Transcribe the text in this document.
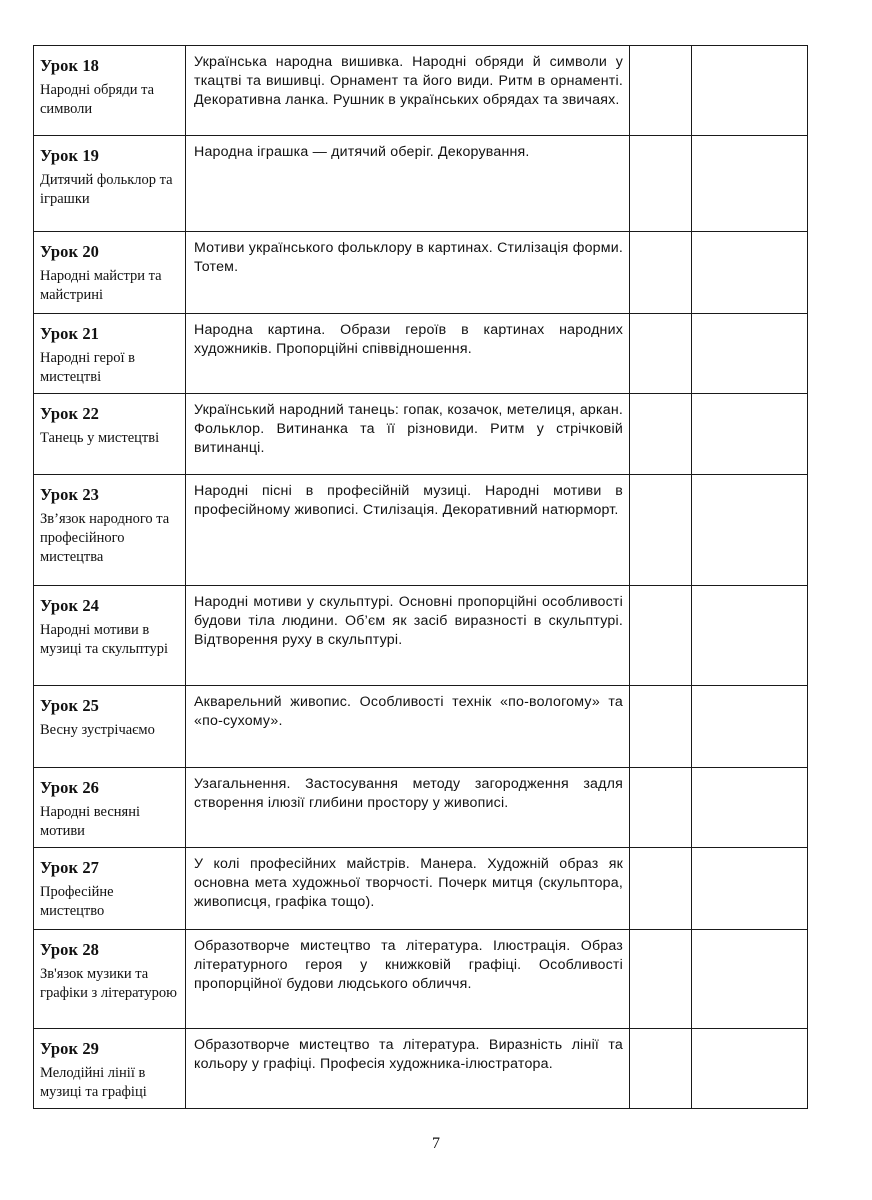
Урок 18
Народні обряди та символи	Українська народна вишивка. Народні обряди й символи у ткацтві та вишивці. Орнамент та його види. Ритм в орнаменті. Декоративна ланка. Рушник в українських обрядах та звичаях.		

Урок 19
Дитячий фольклор та іграшки	Народна іграшка — дитячий оберіг. Декорування.		

Урок 20
Народні майстри та майстрині	Мотиви українського фольклору в картинах. Стилізація форми. Тотем.		

Урок 21
Народні герої в мистецтві	Народна картина. Образи героїв в картинах народних художників. Пропорційні співвідношення.		

Урок 22
Танець у мистецтві	Український народний танець: гопак, козачок, метелиця, аркан. Фольклор. Витинанка та її різновиди. Ритм у стрічковій витинанці.		

Урок 23
Зв’язок народного та професійного мистецтва	Народні пісні в професійній музиці. Народні мотиви в професійному живописі. Стилізація. Декоративний натюрморт.		

Урок 24
Народні мотиви в музиці та скульптурі	Народні мотиви у скульптурі. Основні пропорційні особливості будови тіла людини. Об’єм як засіб виразності в скульптурі. Відтворення руху в скульптурі.		

Урок 25
Весну зустрічаємо	Акварельний живопис. Особливості технік «по-вологому» та «по-сухому».		

Урок 26
Народні весняні мотиви	Узагальнення. Застосування методу загородження задля створення ілюзії глибини простору у живописі.		

Урок 27
Професійне мистецтво	У колі професійних майстрів. Манера. Художній образ як основна мета художньої творчості. Почерк митця (скульптора, живописця, графіка тощо).		

Урок 28
Зв'язок музики та графіки з літературою	Образотворче мистецтво та література. Ілюстрація. Образ літературного героя у книжковій графіці. Особливості пропорційної будови людського обличчя.		

Урок 29
Мелодійні лінії в музиці та графіці	Образотворче мистецтво та література. Виразність лінії та кольору у графіці. Професія художника-ілюстратора.		

7
